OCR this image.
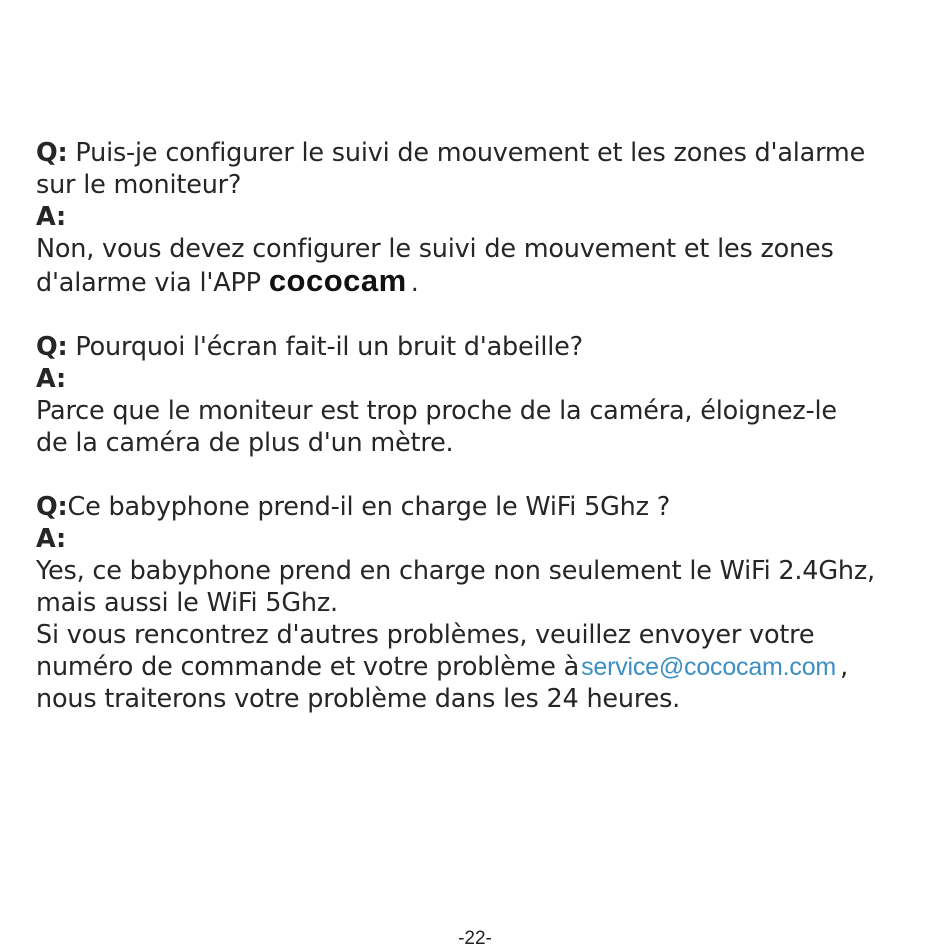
Q: Puis-je configurer le suivi de mouvement et les zones d'alarme
sur le moniteur?
A:
Non, vous devez configurer le suivi de mouvement et les zones
d'alarme via l'APP cococam .
Q: Pourquoi l'écran fait-il un bruit d'abeille?
A:
Parce que le moniteur est trop proche de la caméra, éloignez-le
de la caméra de plus d'un mètre.
Q:Ce babyphone prend-il en charge le WiFi 5Ghz ?
A:
Yes, ce babyphone prend en charge non seulement le WiFi 2.4Ghz,
mais aussi le WiFi 5Ghz.
Si vous rencontrez d'autres problèmes, veuillez envoyer votre
numéro de commande et votre problème àservice@cococam.com ,
nous traiterons votre problème dans les 24 heures.
-22-
